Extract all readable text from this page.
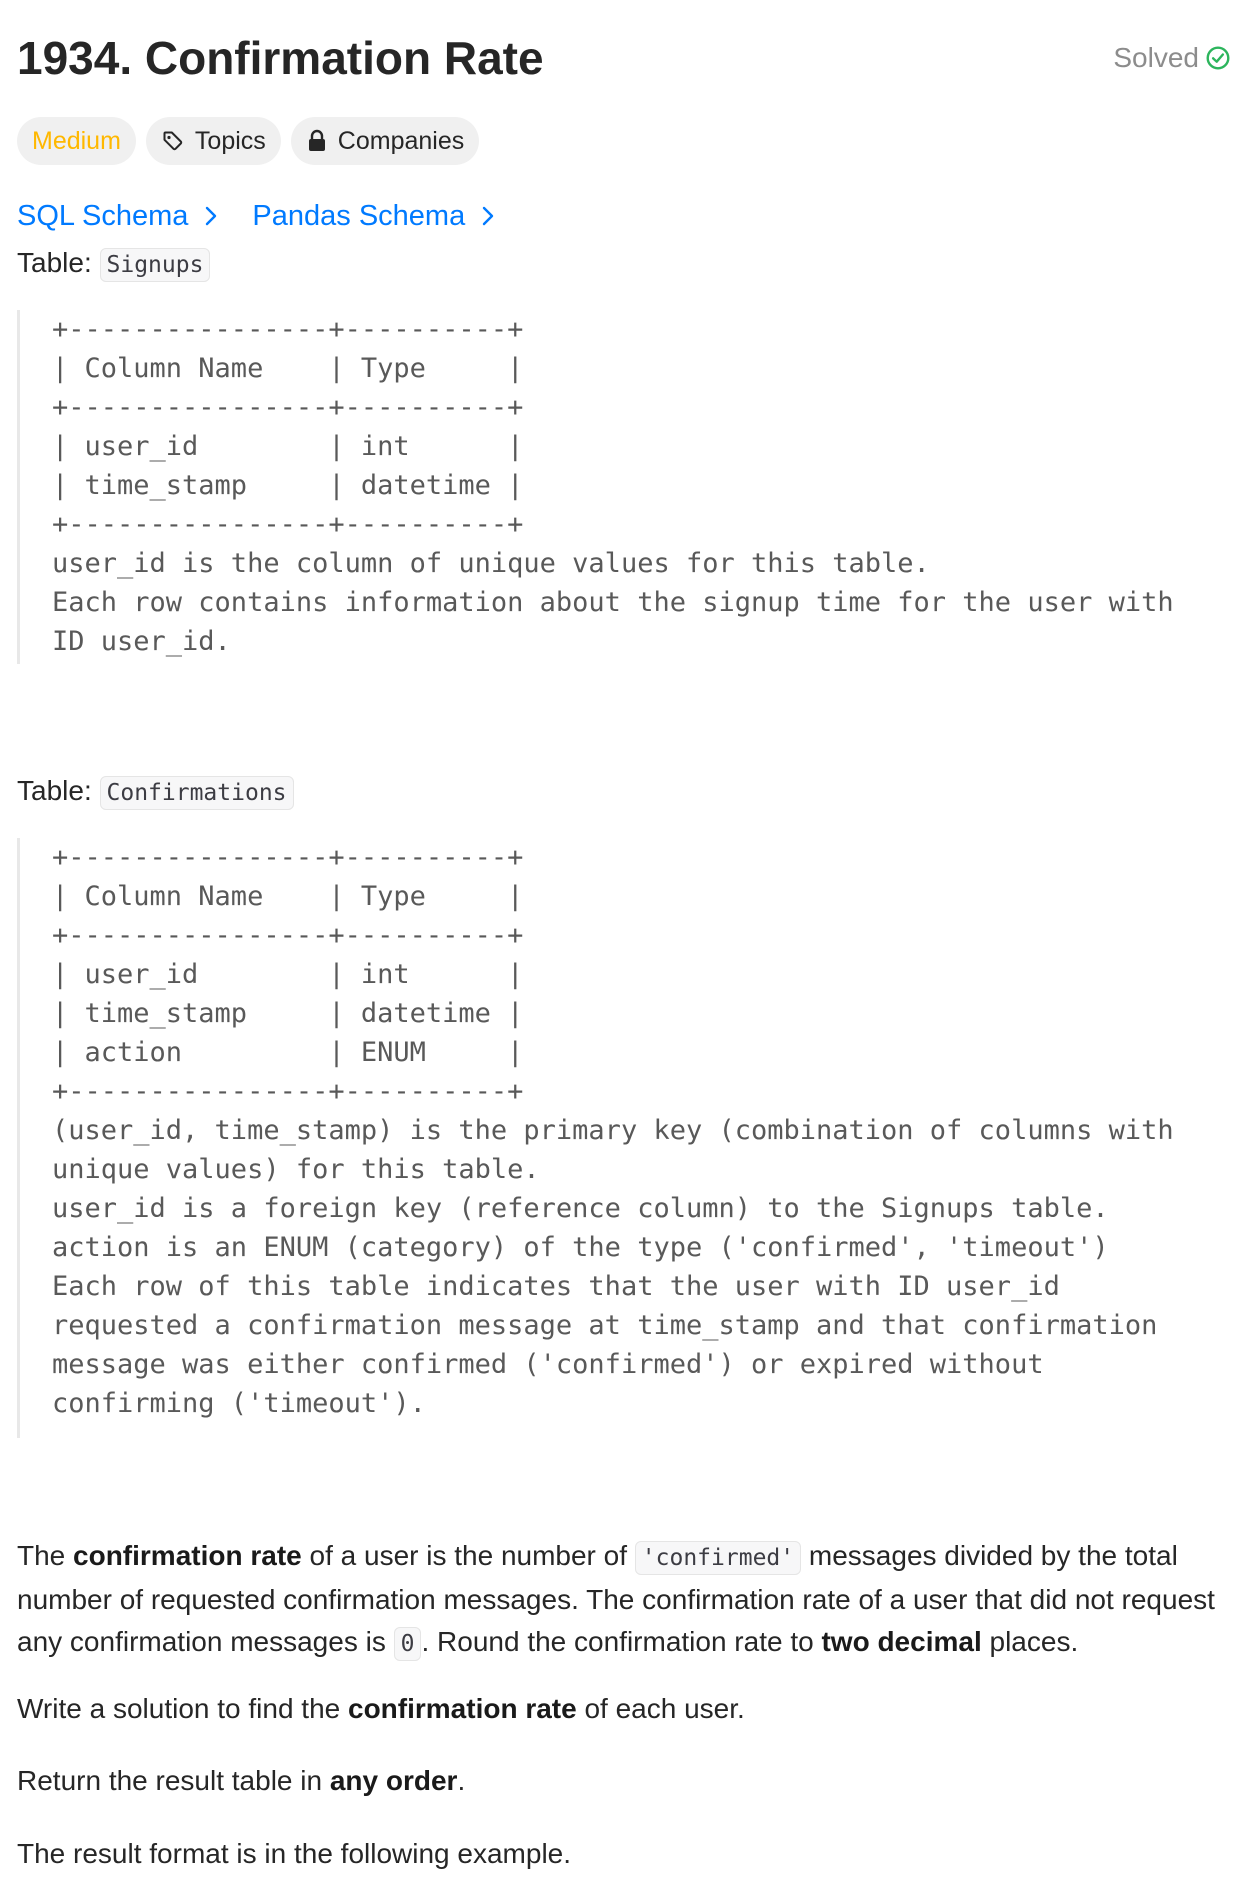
1934. Confirmation Rate	Solved
Medium	Topics	Companies
SQL Schema Pandas Schema

Table: Signups

+----------------+----------+
| Column Name    | Type     |
+----------------+----------+
| user_id        | int      |
| time_stamp     | datetime |
+----------------+----------+
user_id is the column of unique values for this table.
Each row contains information about the signup time for the user with
ID user_id.

Table: Confirmations

+----------------+----------+
| Column Name    | Type     |
+----------------+----------+
| user_id        | int      |
| time_stamp     | datetime |
| action         | ENUM     |
+----------------+----------+
(user_id, time_stamp) is the primary key (combination of columns with
unique values) for this table.
user_id is a foreign key (reference column) to the Signups table.
action is an ENUM (category) of the type ('confirmed', 'timeout')
Each row of this table indicates that the user with ID user_id
requested a confirmation message at time_stamp and that confirmation
message was either confirmed ('confirmed') or expired without
confirming ('timeout').

The confirmation rate of a user is the number of 'confirmed' messages divided by the total number of requested confirmation messages. The confirmation rate of a user that did not request any confirmation messages is 0 . Round the confirmation rate to two decimal places.

Write a solution to find the confirmation rate of each user.

Return the result table in any order.

The result format is in the following example.
